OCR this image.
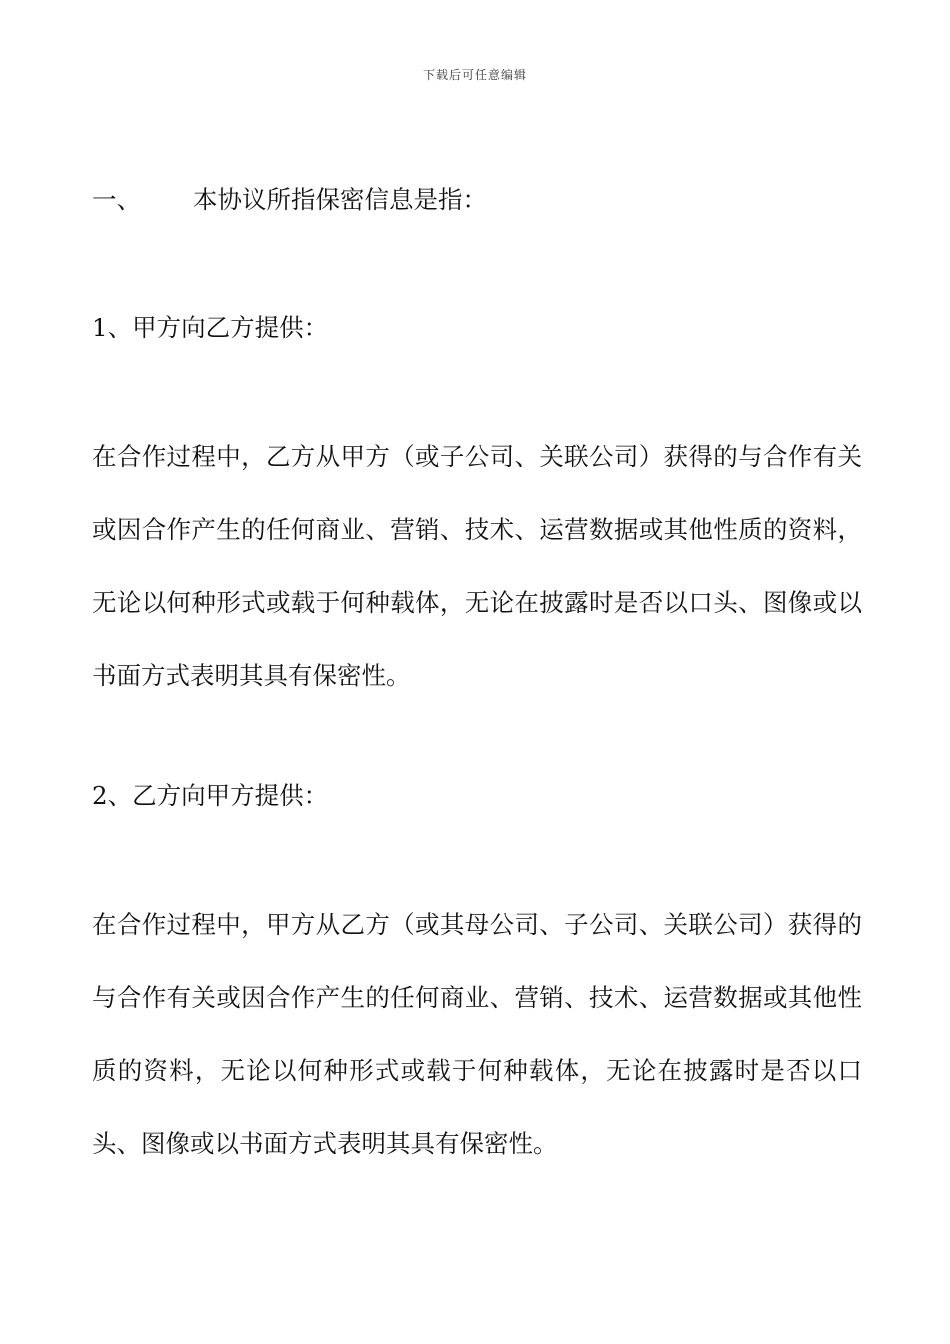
下载后可任意编辑
一、	本协议所指保密信息是指：
1、甲方向乙方提供：
在合作过程中，乙方从甲方（或子公司、关联公司）获得的与合作有关或因合作产生的任何商业、营销、技术、运营数据或其他性质的资料，无论以何种形式或载于何种载体，无论在披露时是否以口头、图像或以书面方式表明其具有保密性。
2、乙方向甲方提供：
在合作过程中，甲方从乙方（或其母公司、子公司、关联公司）获得的与合作有关或因合作产生的任何商业、营销、技术、运营数据或其他性质的资料，无论以何种形式或载于何种载体，无论在披露时是否以口头、图像或以书面方式表明其具有保密性。
